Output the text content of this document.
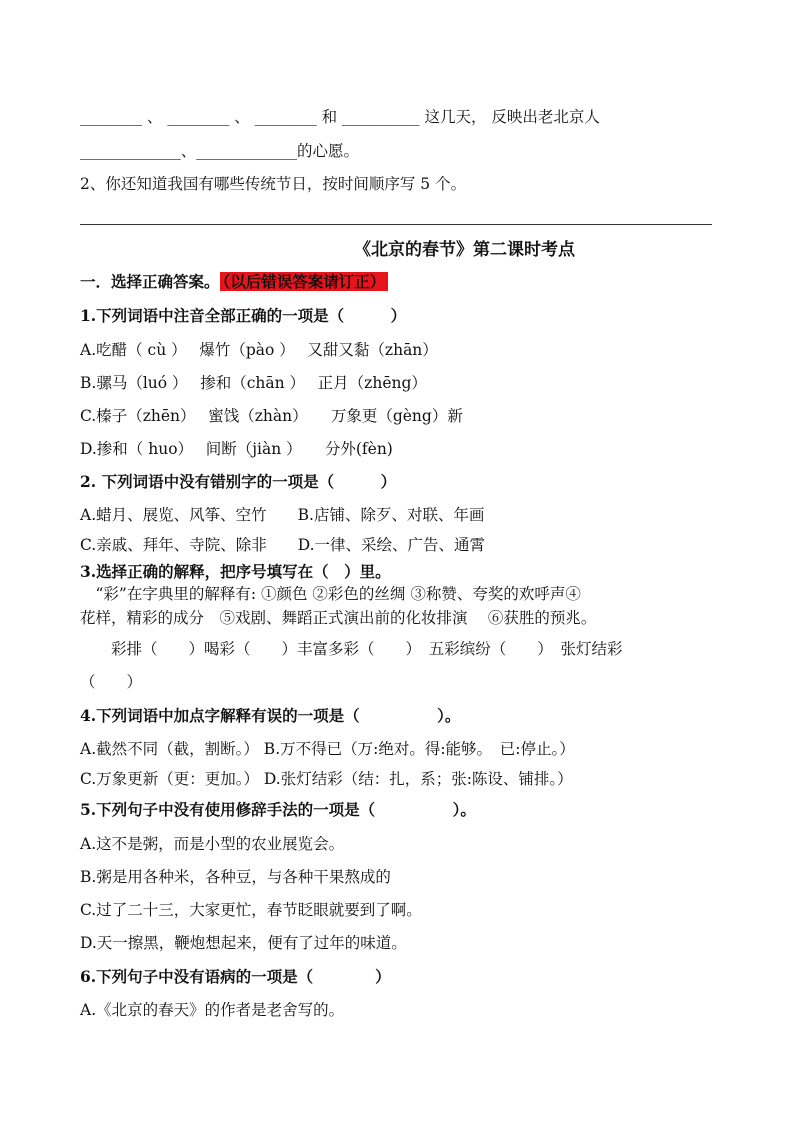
________ 、 ________ 、 ________ 和 __________ 这几天， 反映出老北京人
_____________、_____________的心愿。
2、你还知道我国有哪些传统节日，按时间顺序写 5 个。
《北京的春节》第二课时考点
一．选择正确答案。 （以后错误答案请订正）
1.下列词语中注音全部正确的一项是（　　　）
A.吃醋（ cù ）　 爆竹（pào ）　 又甜又黏（zhān）
B.骡马（luó ）　 掺和（chān ）　 正月（zhēng）
C.榛子（zhēn）　 蜜饯（zhàn）　　万象更（gèng）新
D.掺和（ huo）　 间断（jiàn ）　　分外(fèn)
2. 下列词语中没有错别字的一项是（　　　）
A.蜡月、展览、风筝、空竹　　B.店铺、除歹、对联、年画
C.亲戚、拜年、寺院、除非　　D.一律、采绘、广告、通霄
3.选择正确的解释，把序号填写在（　）里。
　“彩”在字典里的解释有: ①颜色 ②彩色的丝绸 ③称赞、夸奖的欢呼声④
花样，精彩的成分　⑤戏剧、舞蹈正式演出前的化妆排演　 ⑥获胜的预兆。
　　彩排（　　）喝彩（　　）丰富多彩（　　）　五彩缤纷（　　）　张灯结彩
（　　）
4.下列词语中加点字解释有误的一项是（　　　　　）。
A.截然不同（截，割断。） B.万不得已（万:绝对。得:能够。　已:停止。）
C.万象更新（更：更加。） D.张灯结彩（结：扎，系；张:陈设、铺排。）
5.下列句子中没有使用修辞手法的一项是（　　　　　）。
A.这不是粥，而是小型的农业展览会。
B.粥是用各种米，各种豆，与各种干果熬成的
C.过了二十三，大家更忙，春节眨眼就要到了啊。
D.天一擦黑，鞭炮想起来，便有了过年的味道。
6.下列句子中没有语病的一项是（　　　　）
A.《北京的春天》的作者是老舍写的。
